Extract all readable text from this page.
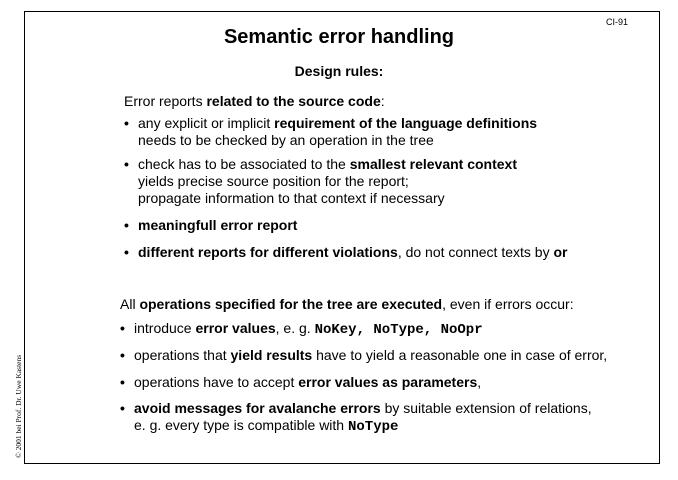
CI-91
Semantic error handling
Design rules:
© 2001 bei Prof. Dr. Uwe Kastens
Error reports related to the source code:
• any explicit or implicit requirement of the language definitions
needs to be checked by an operation in the tree
• check has to be associated to the smallest relevant context
yields precise source position for the report;
propagate information to that context if necessary
• meaningfull error report
• different reports for different violations, do not connect texts by or
All operations specified for the tree are executed, even if errors occur:
• introduce error values, e. g. NoKey, NoType, NoOpr
• operations that yield results have to yield a reasonable one in case of error,
• operations have to accept error values as parameters,
• avoid messages for avalanche errors by suitable extension of relations,
e. g. every type is compatible with NoType
